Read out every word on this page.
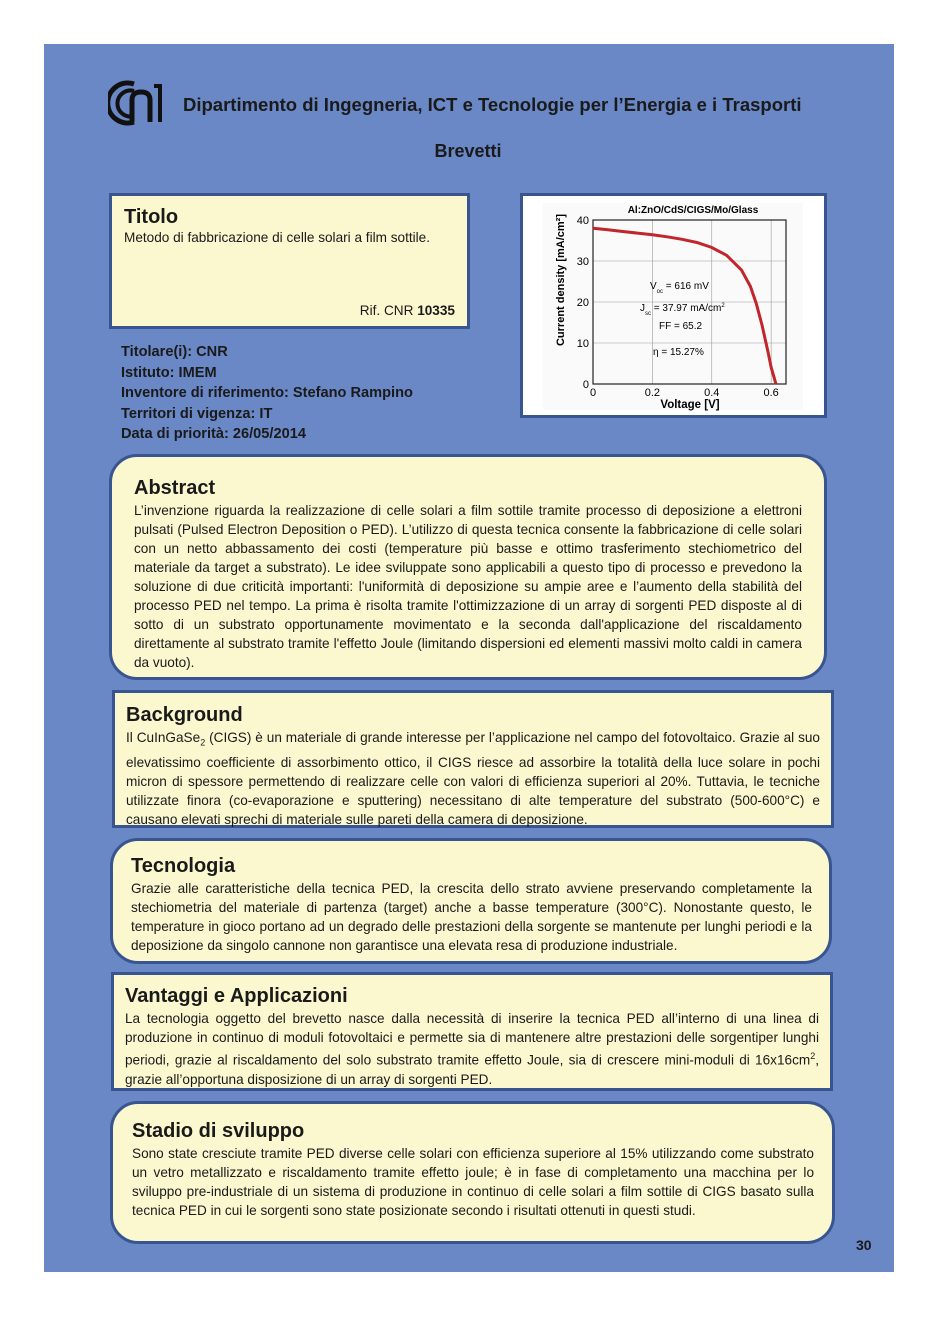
Dipartimento di Ingegneria, ICT e Tecnologie per l’Energia e i Trasporti
Brevetti
Titolo
Metodo di fabbricazione di celle solari a film sottile.
Rif. CNR 10335
Titolare(i): CNR
Istituto: IMEM
Inventore di riferimento: Stefano Rampino
Territori di vigenza: IT
Data di priorità: 26/05/2014
Al:ZnO/CdS/CIGS/Mo/Glass
0
10
20
30
40
0	0.2	0.4	0.6
Current density [mA/cm²]
Voltage [V]
$V_{oc} = 616$ mV
$J_{sc} = 37.97$ $mA/cm^2$
FF = 65.2
η = 15.27%
Abstract

L’invenzione riguarda la realizzazione di celle solari a film sottile tramite processo di deposizione a elettroni pulsati (Pulsed Electron Deposition o PED). L’utilizzo di questa tecnica consente la fabbricazione di celle solari con un netto abbassamento dei costi (temperature più basse e ottimo trasferimento stechiometrico del materiale da target a substrato). Le idee sviluppate sono applicabili a questo tipo di processo e prevedono la soluzione di due criticità importanti: l'uniformità di deposizione su ampie aree e l’aumento della stabilità del processo PED nel tempo. La prima è risolta tramite l'ottimizzazione di un array di sorgenti PED disposte al di sotto di un substrato opportunamente movimentato e la seconda dall'applicazione del riscaldamento direttamente al substrato tramite l'effetto Joule (limitando dispersioni ed elementi massivi molto caldi in camera da vuoto).

Background

Il CuInGaSe$_2$ (CIGS) è un materiale di grande interesse per l’applicazione nel campo del fotovoltaico. Grazie al suo elevatissimo coefficiente di assorbimento ottico, il CIGS riesce ad assorbire la totalità della luce solare in pochi micron di spessore permettendo di realizzare celle con valori di efficienza superiori al 20%. Tuttavia, le tecniche utilizzate finora (co-evaporazione e sputtering) necessitano di alte temperature del substrato (500-600°C) e causano elevati sprechi di materiale sulle pareti della camera di deposizione.

Tecnologia

Grazie alle caratteristiche della tecnica PED, la crescita dello strato avviene preservando completamente la stechiometria del materiale di partenza (target) anche a basse temperature (300°C). Nonostante questo, le temperature in gioco portano ad un degrado delle prestazioni della sorgente se mantenute per lunghi periodi e la deposizione da singolo cannone non garantisce una elevata resa di produzione industriale.

Vantaggi e Applicazioni

La tecnologia oggetto del brevetto nasce dalla necessità di inserire la tecnica PED all’interno di una linea di produzione in continuo di moduli fotovoltaici e permette sia di mantenere altre prestazioni delle sorgentiper lunghi periodi, grazie al riscaldamento del solo substrato tramite effetto Joule, sia di crescere mini-moduli di $16x16cm^2$, grazie all’opportuna disposizione di un array di sorgenti PED.

Stadio di sviluppo

Sono state cresciute tramite PED diverse celle solari con efficienza superiore al 15% utilizzando come substrato un vetro metallizzato e riscaldamento tramite effetto joule; è in fase di completamento una macchina per lo sviluppo pre-industriale di un sistema di produzione in continuo di celle solari a film sottile di CIGS basato sulla tecnica PED in cui le sorgenti sono state posizionate secondo i risultati ottenuti in questi studi.

30
